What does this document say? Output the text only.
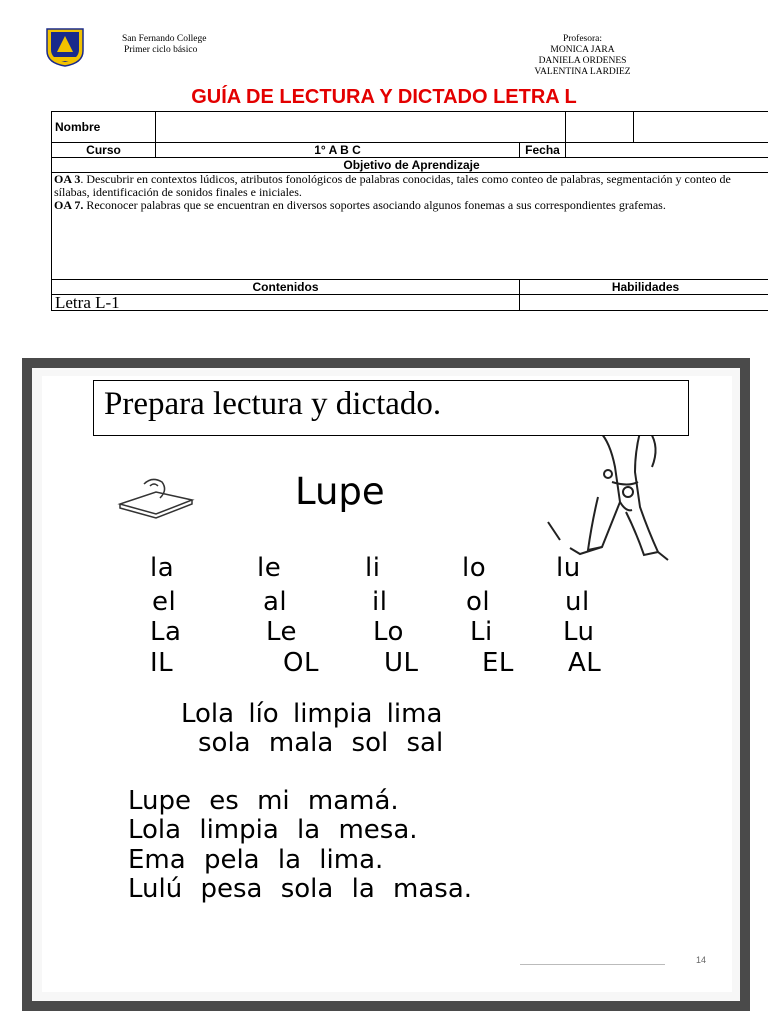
San Fernando College
Primer ciclo básico
Profesora:
MONICA JARA
DANIELA ORDENES
VALENTINA LARDIEZ
GUÍA DE LECTURA Y DICTADO LETRA L
Nombre				
Curso	1° A B C	Fecha		
Objetivo de Aprendizaje				

OA 3. Descubrir en contextos lúdicos, atributos fonológicos de palabras conocidas, tales como conteo de palabras, segmentación y conteo de sílabas, identificación de sonidos finales e iniciales.
OA 7. Reconocer palabras que se encuentran en diversos soportes asociando algunos fonemas a sus correspondientes grafemas.				

Contenidos		Habilidades		
Letra L-1				
Prepara lectura y dictado.
Lupe
la	le	li	lo	lu
el	al	il	ol	ul
La	Le	Lo	Li	Lu
IL	OL	UL EL AL
Lola lío limpia lima
sola mala sol sal
Lupe es mi mamá.
Lola limpia la mesa.
Ema pela la lima.
Lulú pesa sola la masa.
14
